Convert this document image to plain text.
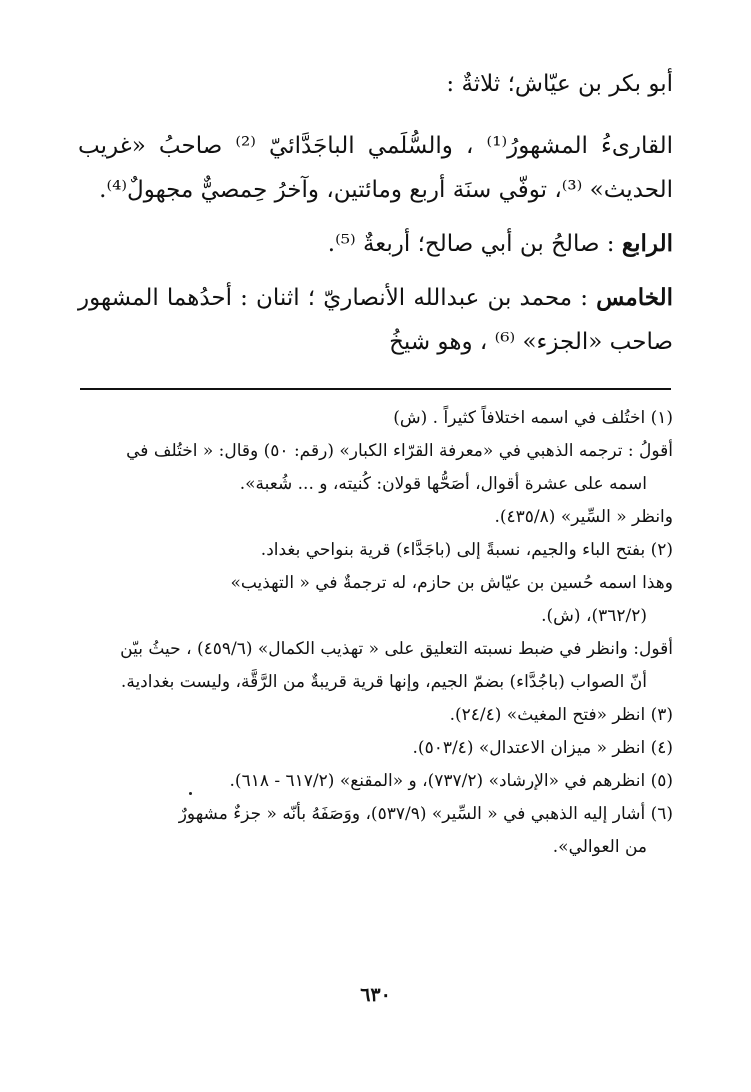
أبو بكر بن عيّاش؛ ثلاثةٌ :

القارىءُ المشهورُ⁽¹⁾ ، والسُّلَمي الباجَدَّائيّ ⁽²⁾ صاحبُ «غريب الحديث» ⁽³⁾، توفّي سنَة أربع ومائتين، وآخرُ حِمصيٌّ مجهولٌ⁽⁴⁾.

الرابع : صالحُ بن أبي صالح؛ أربعةٌ ⁽⁵⁾.

الخامس : محمد بن عبدالله الأنصاريّ ؛ اثنان : أحدُهما المشهور صاحب «الجزء» ⁽⁶⁾ ، وهو شيخُ

(١) اختُلف في اسمه اختلافاً كثيراً . (ش)

أقولُ : ترجمه الذهبي في «معرفة القرّاء الكبار» (رقم: ٥٠) وقال: « اختُلف في

اسمه على عشرة أقوال، أصَحُّها قولان: كُنيته، و ... شُعبة».

وانظر « السِّير» (٤٣٥/٨).

(٢) بفتح الباء والجيم، نسبةً إلى (باجَدَّاء) قرية بنواحي بغداد.

وهذا اسمه حُسين بن عيّاش بن حازم، له ترجمةٌ في « التهذيب»

(٣٦٢/٢)، (ش).

أقول: وانظر في ضبط نسبته التعليق على « تهذيب الكمال» (٤٥٩/٦) ، حيثُ بيّن

أنّ الصواب (باجُدَّاء) بضمّ الجيم، وإنها قرية قريبةٌ من الرَّقَّة، وليست بغدادية.

(٣) انظر «فتح المغيث» (٢٤/٤).

(٤) انظر « ميزان الاعتدال» (٥٠٣/٤).

(٥) انظرهم في «الإرشاد» (٧٣٧/٢)، و «المقنع» (٦١٧/٢ - ٦١٨).

(٦) أشار إليه الذهبي في « السِّير» (٥٣٧/٩)، ووَصَفَهُ بأنّه « جزءٌ مشهورٌ

من العوالي».

٦٣٠
